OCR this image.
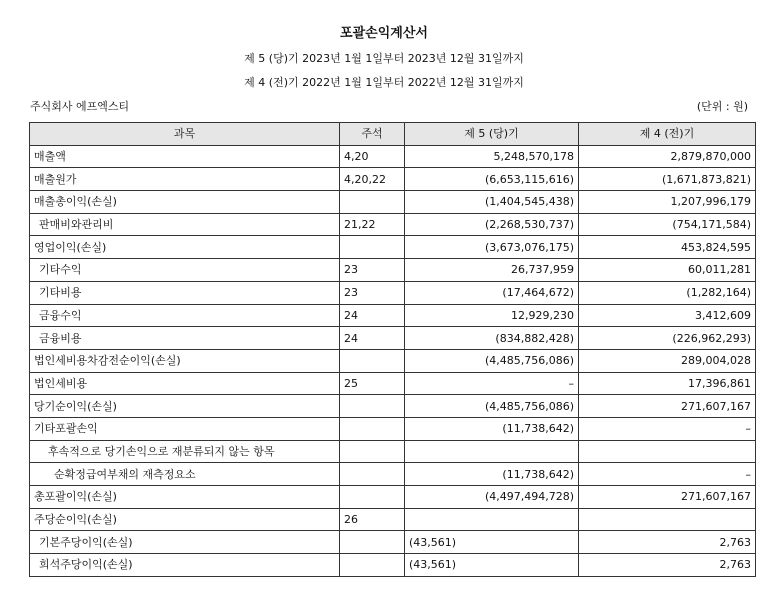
포괄손익계산서
제 5 (당)기 2023년 1월 1일부터 2023년 12월 31일까지
제 4 (전)기 2022년 1월 1일부터 2022년 12월 31일까지
주식회사 에프엑스티	(단위 : 원)
과목	주석	제 5 (당)기	제 4 (전)기
매출액	4,20	5,248,570,178	2,879,870,000
매출원가	4,20,22	(6,653,115,616)	(1,671,873,821)
매출총이익(손실)		(1,404,545,438)	1,207,996,179
판매비와관리비	21,22	(2,268,530,737)	(754,171,584)
영업이익(손실)		(3,673,076,175)	453,824,595
기타수익	23	26,737,959	60,011,281
기타비용	23	(17,464,672)	(1,282,164)
금융수익	24	12,929,230	3,412,609
금융비용	24	(834,882,428)	(226,962,293)
법인세비용차감전순이익(손실)		(4,485,756,086)	289,004,028
법인세비용	25	–	17,396,861
당기순이익(손실)		(4,485,756,086)	271,607,167
기타포괄손익		(11,738,642)	–
후속적으로 당기손익으로 재분류되지 않는 항목			
순확정급여부채의 재측정요소		(11,738,642)	–
총포괄이익(손실)		(4,497,494,728)	271,607,167
주당순이익(손실)	26		
기본주당이익(손실)		(43,561)	2,763
희석주당이익(손실)		(43,561)	2,763
